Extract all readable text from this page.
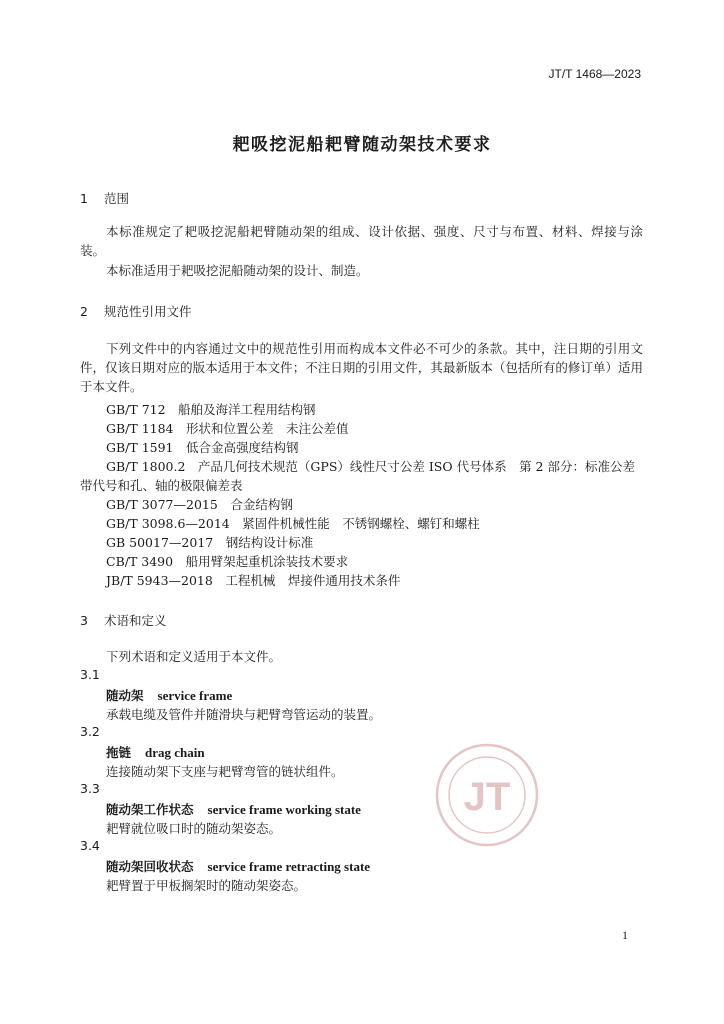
JT/T 1468—2023
耙吸挖泥船耙臂随动架技术要求
1 范围
本标准规定了耙吸挖泥船耙臂随动架的组成、设计依据、强度、尺寸与布置、材料、焊接与涂装。
本标准适用于耙吸挖泥船随动架的设计、制造。
2 规范性引用文件
下列文件中的内容通过文中的规范性引用而构成本文件必不可少的条款。其中，注日期的引用文件，仅该日期对应的版本适用于本文件；不注日期的引用文件，其最新版本（包括所有的修订单）适用于本文件。
GB/T 712　船舶及海洋工程用结构钢
GB/T 1184　形状和位置公差　未注公差值
GB/T 1591　低合金高强度结构钢
GB/T 1800.2　产品几何技术规范（GPS）线性尺寸公差 ISO 代号体系　第 2 部分：标准公差带代号和孔、轴的极限偏差表
GB/T 3077—2015　合金结构钢
GB/T 3098.6—2014　紧固件机械性能　不锈钢螺栓、螺钉和螺柱
GB 50017—2017　钢结构设计标准
CB/T 3490　船用臂架起重机涂装技术要求
JB/T 5943—2018　工程机械　焊接件通用技术条件
3 术语和定义
下列术语和定义适用于本文件。
3.1
随动架 service frame
承载电缆及管件并随滑块与耙臂弯管运动的装置。
3.2
拖链 drag chain
连接随动架下支座与耙臂弯管的链状组件。
3.3
随动架工作状态 service frame working state
耙臂就位吸口时的随动架姿态。
3.4
随动架回收状态 service frame retracting state
耙臂置于甲板搁架时的随动架姿态。
JT
1
